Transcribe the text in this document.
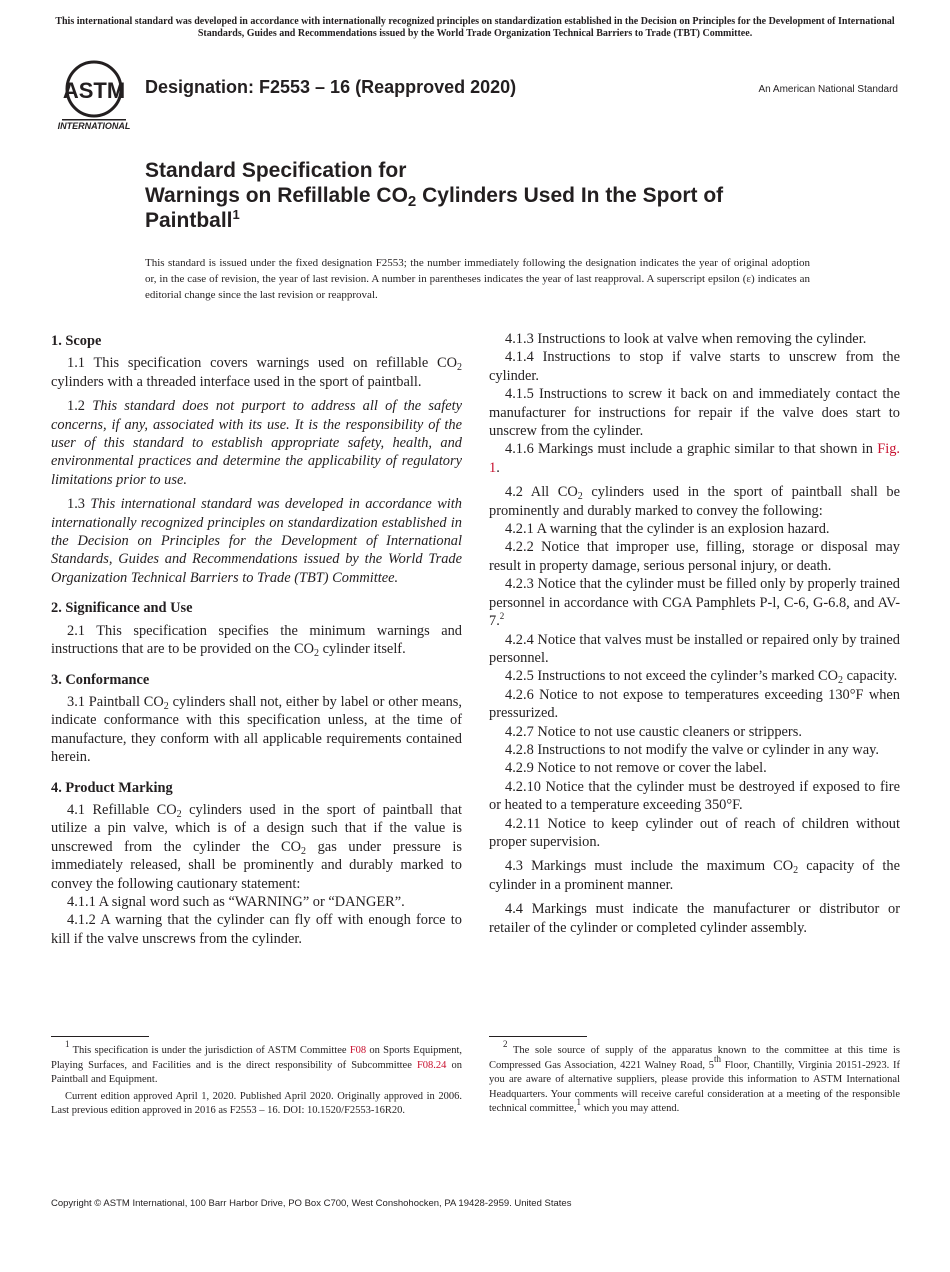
This international standard was developed in accordance with internationally recognized principles on standardization established in the Decision on Principles for the Development of International Standards, Guides and Recommendations issued by the World Trade Organization Technical Barriers to Trade (TBT) Committee.
ASTM
INTERNATIONAL
Designation: F2553 – 16 (Reapproved 2020)	An American National Standard
Standard Specification for
Warnings on Refillable $CO_2$ Cylinders Used In the Sport of
Paintball$^1$
This standard is issued under the fixed designation F2553; the number immediately following the designation indicates the year of original adoption or, in the case of revision, the year of last revision. A number in parentheses indicates the year of last reapproval. A superscript epsilon (ε) indicates an editorial change since the last revision or reapproval.
1. Scope

1.1 This specification covers warnings used on refillable $CO_2$ cylinders with a threaded interface used in the sport of paintball.

1.2 This standard does not purport to address all of the safety concerns, if any, associated with its use. It is the responsibility of the user of this standard to establish appropriate safety, health, and environmental practices and determine the applicability of regulatory limitations prior to use.

1.3 This international standard was developed in accordance with internationally recognized principles on standardization established in the Decision on Principles for the Development of International Standards, Guides and Recommendations issued by the World Trade Organization Technical Barriers to Trade (TBT) Committee.

2. Significance and Use

2.1 This specification specifies the minimum warnings and instructions that are to be provided on the $CO_2$ cylinder itself.

3. Conformance

3.1 Paintball $CO_2$ cylinders shall not, either by label or other means, indicate conformance with this specification unless, at the time of manufacture, they conform with all applicable requirements contained herein.

4. Product Marking

4.1 Refillable $CO_2$ cylinders used in the sport of paintball that utilize a pin valve, which is of a design such that if the value is unscrewed from the cylinder the $CO_2$ gas under pressure is immediately released, shall be prominently and durably marked to convey the following cautionary statement:

4.1.1 A signal word such as “WARNING” or “DANGER”.

4.1.2 A warning that the cylinder can fly off with enough force to kill if the valve unscrews from the cylinder.

4.1.3 Instructions to look at valve when removing the cylinder.

4.1.4 Instructions to stop if valve starts to unscrew from the cylinder.

4.1.5 Instructions to screw it back on and immediately contact the manufacturer for instructions for repair if the valve does start to unscrew from the cylinder.

4.1.6 Markings must include a graphic similar to that shown in Fig. 1.

4.2 All $CO_2$ cylinders used in the sport of paintball shall be prominently and durably marked to convey the following:

4.2.1 A warning that the cylinder is an explosion hazard.

4.2.2 Notice that improper use, filling, storage or disposal may result in property damage, serious personal injury, or death.

4.2.3 Notice that the cylinder must be filled only by properly trained personnel in accordance with CGA Pamphlets P-l, C-6, G-6.8, and AV-7.$^2$

4.2.4 Notice that valves must be installed or repaired only by trained personnel.

4.2.5 Instructions to not exceed the cylinder’s marked $CO_2$ capacity.

4.2.6 Notice to not expose to temperatures exceeding 130°F when pressurized.

4.2.7 Notice to not use caustic cleaners or strippers.

4.2.8 Instructions to not modify the valve or cylinder in any way.

4.2.9 Notice to not remove or cover the label.

4.2.10 Notice that the cylinder must be destroyed if exposed to fire or heated to a temperature exceeding 350°F.

4.2.11 Notice to keep cylinder out of reach of children without proper supervision.

4.3 Markings must include the maximum $CO_2$ capacity of the cylinder in a prominent manner.

4.4 Markings must indicate the manufacturer or distributor or retailer of the cylinder or completed cylinder assembly.

$^1$ This specification is under the jurisdiction of ASTM Committee F08 on Sports Equipment, Playing Surfaces, and Facilities and is the direct responsibility of Subcommittee F08.24 on Paintball and Equipment.

Current edition approved April 1, 2020. Published April 2020. Originally approved in 2006. Last previous edition approved in 2016 as F2553 – 16. DOI: 10.1520/F2553-16R20.

$^2$ The sole source of supply of the apparatus known to the committee at this time is Compressed Gas Association, 4221 Walney Road, 5th Floor, Chantilly, Virginia 20151-2923. If you are aware of alternative suppliers, please provide this information to ASTM International Headquarters. Your comments will receive careful consideration at a meeting of the responsible technical committee,$^1$ which you may attend.

Copyright © ASTM International, 100 Barr Harbor Drive, PO Box C700, West Conshohocken, PA 19428-2959. United States
